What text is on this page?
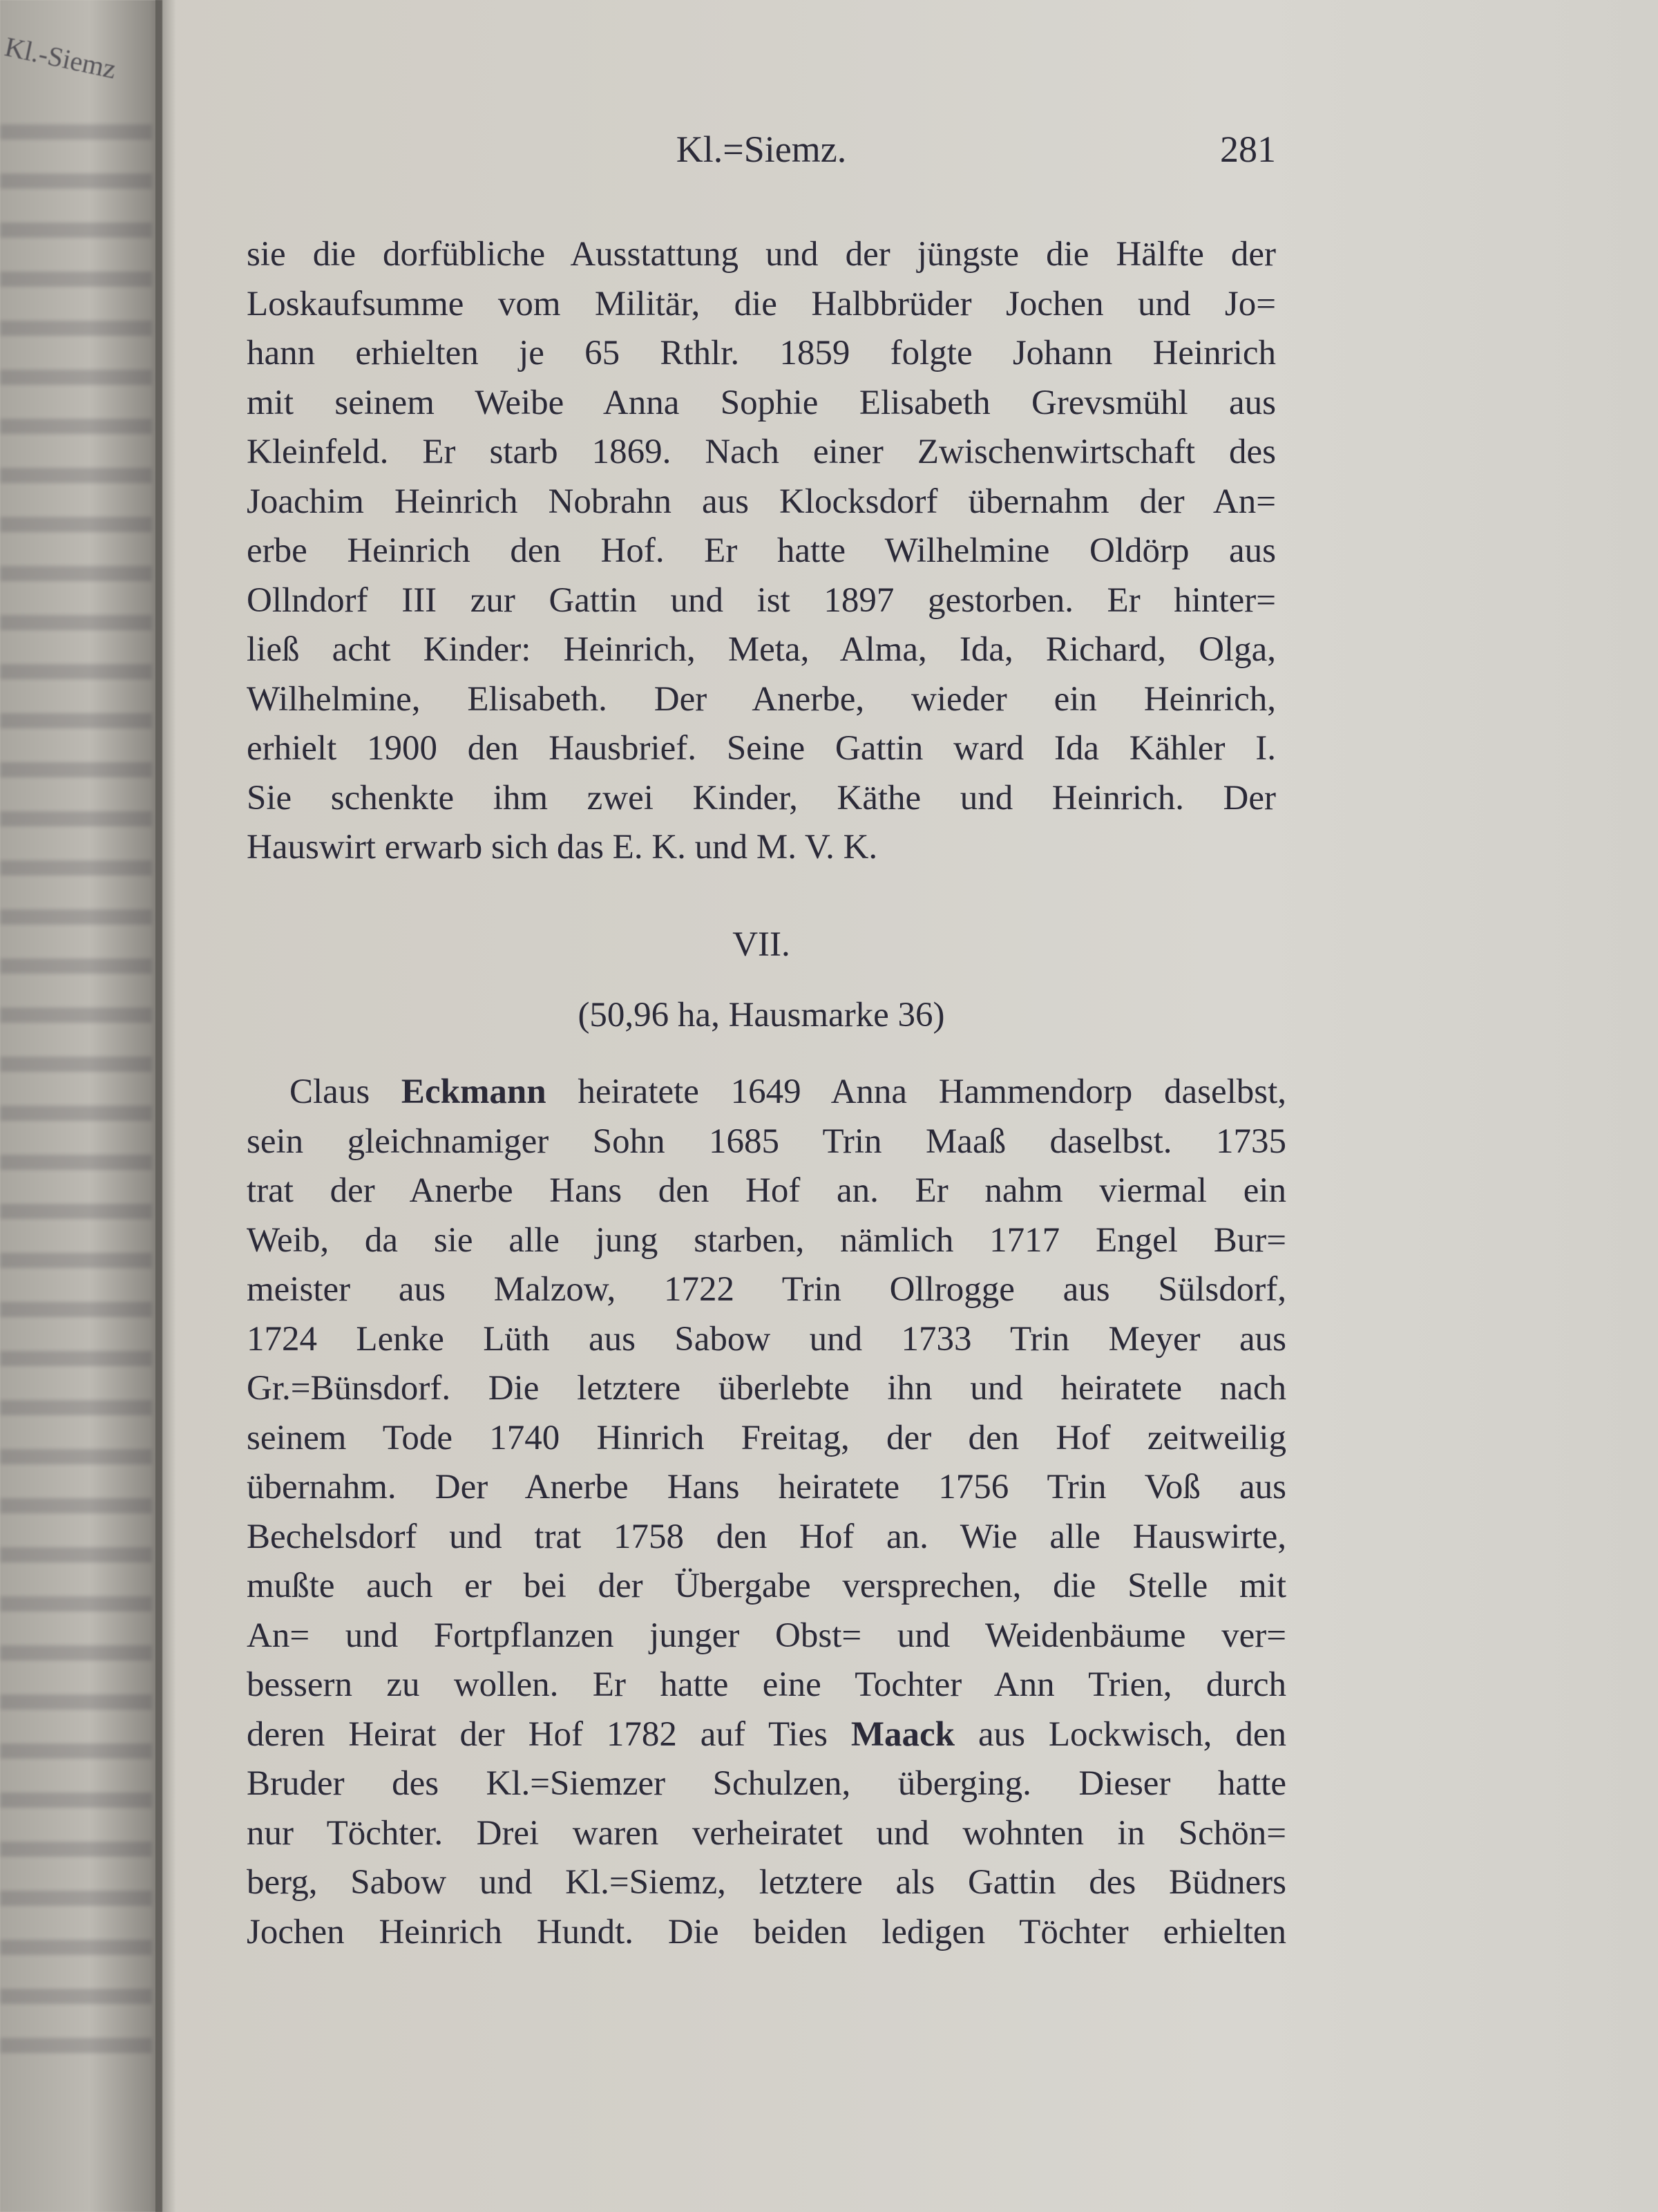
Kl.-Siemz
Kl.=Siemz.	281
sie die dorfübliche Ausstattung und der jüngste die Hälfte der
Loskaufsumme vom Militär, die Halbbrüder Jochen und Jo=
hann erhielten je 65 Rthlr. 1859 folgte Johann Heinrich
mit seinem Weibe Anna Sophie Elisabeth Grevsmühl aus
Kleinfeld. Er starb 1869. Nach einer Zwischenwirtschaft des
Joachim Heinrich Nobrahn aus Klocksdorf übernahm der An=
erbe Heinrich den Hof. Er hatte Wilhelmine Oldörp aus
Ollndorf III zur Gattin und ist 1897 gestorben. Er hinter=
ließ acht Kinder: Heinrich, Meta, Alma, Ida, Richard, Olga,
Wilhelmine, Elisabeth. Der Anerbe, wieder ein Heinrich,
erhielt 1900 den Hausbrief. Seine Gattin ward Ida Kähler I.
Sie schenkte ihm zwei Kinder, Käthe und Heinrich. Der
Hauswirt erwarb sich das E. K. und M. V. K.
VII.
(50,96 ha, Hausmarke 36)
Claus Eckmann heiratete 1649 Anna Hammendorp daselbst,
sein gleichnamiger Sohn 1685 Trin Maaß daselbst. 1735
trat der Anerbe Hans den Hof an. Er nahm viermal ein
Weib, da sie alle jung starben, nämlich 1717 Engel Bur=
meister aus Malzow, 1722 Trin Ollrogge aus Sülsdorf,
1724 Lenke Lüth aus Sabow und 1733 Trin Meyer aus
Gr.=Bünsdorf. Die letztere überlebte ihn und heiratete nach
seinem Tode 1740 Hinrich Freitag, der den Hof zeitweilig
übernahm. Der Anerbe Hans heiratete 1756 Trin Voß aus
Bechelsdorf und trat 1758 den Hof an. Wie alle Hauswirte,
mußte auch er bei der Übergabe versprechen, die Stelle mit
An= und Fortpflanzen junger Obst= und Weidenbäume ver=
bessern zu wollen. Er hatte eine Tochter Ann Trien, durch
deren Heirat der Hof 1782 auf Ties Maack aus Lockwisch, den
Bruder des Kl.=Siemzer Schulzen, überging. Dieser hatte
nur Töchter. Drei waren verheiratet und wohnten in Schön=
berg, Sabow und Kl.=Siemz, letztere als Gattin des Büdners
Jochen Heinrich Hundt. Die beiden ledigen Töchter erhielten
